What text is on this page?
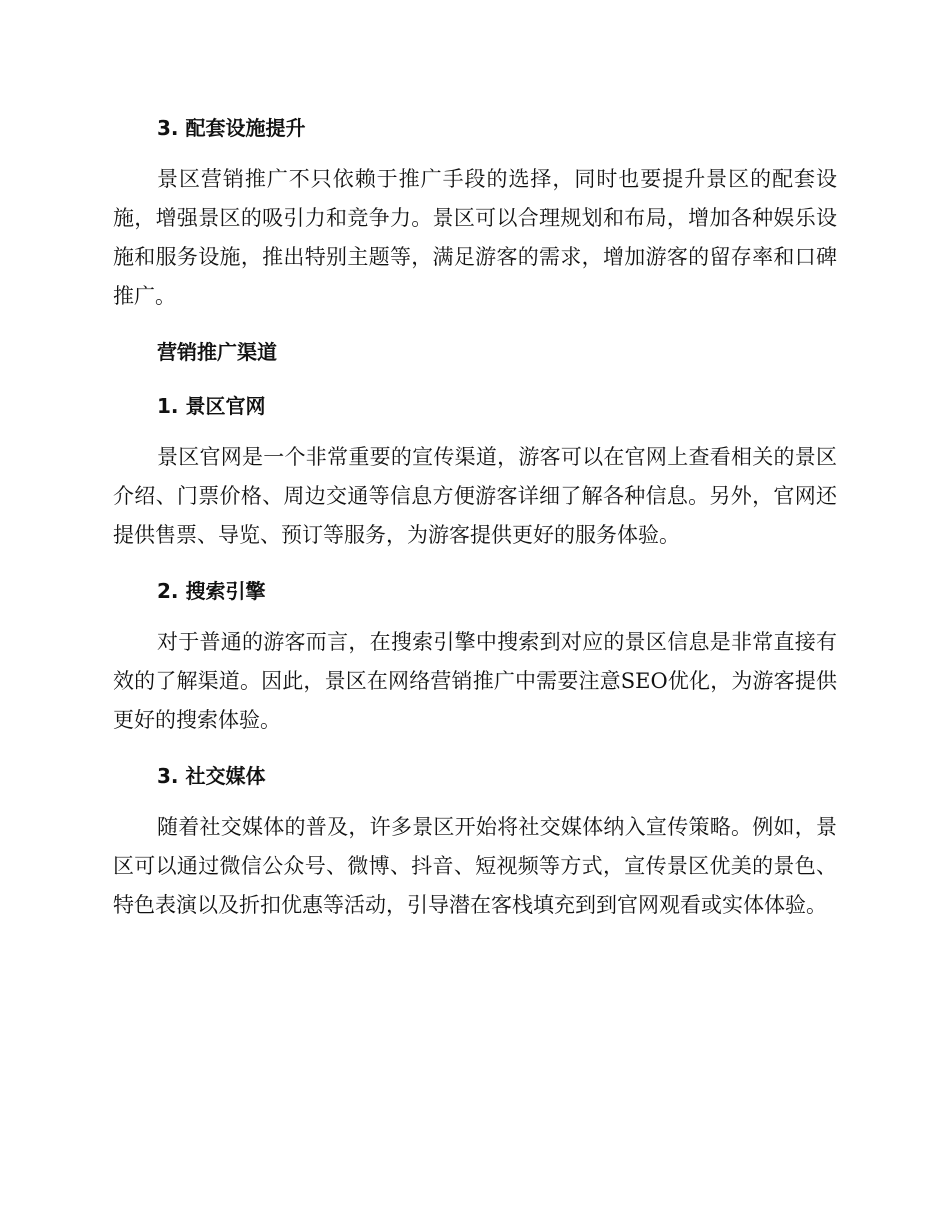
3. 配套设施提升

景区营销推广不只依赖于推广手段的选择，同时也要提升景区的配套设施，增强景区的吸引力和竞争力。景区可以合理规划和布局，增加各种娱乐设施和服务设施，推出特别主题等，满足游客的需求，增加游客的留存率和口碑推广。

营销推广渠道
1. 景区官网

景区官网是一个非常重要的宣传渠道，游客可以在官网上查看相关的景区介绍、门票价格、周边交通等信息方便游客详细了解各种信息。另外，官网还提供售票、导览、预订等服务，为游客提供更好的服务体验。

2. 搜索引擎

对于普通的游客而言，在搜索引擎中搜索到对应的景区信息是非常直接有效的了解渠道。因此，景区在网络营销推广中需要注意SEO优化，为游客提供更好的搜索体验。

3. 社交媒体

随着社交媒体的普及，许多景区开始将社交媒体纳入宣传策略。例如，景区可以通过微信公众号、微博、抖音、短视频等方式，宣传景区优美的景色、特色表演以及折扣优惠等活动，引导潜在客栈填充到到官网观看或实体体验。
